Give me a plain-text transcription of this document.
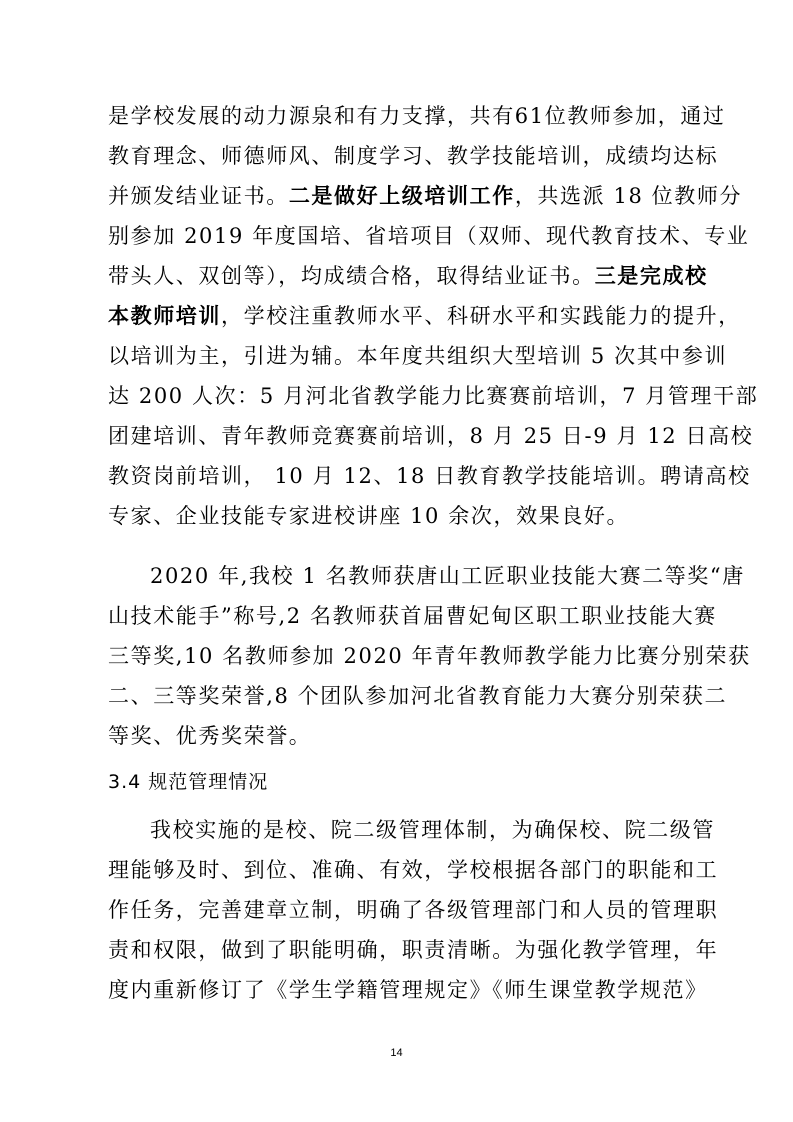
是学校发展的动力源泉和有力支撑，共有61位教师参加，通过
教育理念、师德师风、制度学习、教学技能培训，成绩均达标
并颁发结业证书。二是做好上级培训工作，共选派 18 位教师分
别参加 2019 年度国培、省培项目（双师、现代教育技术、专业
带头人、双创等），均成绩合格，取得结业证书。三是完成校
本教师培训，学校注重教师水平、科研水平和实践能力的提升，
以培训为主，引进为辅。本年度共组织大型培训 5 次其中参训
达 200 人次：5 月河北省教学能力比赛赛前培训，7 月管理干部
团建培训、青年教师竞赛赛前培训，8 月 25 日-9 月 12 日高校
教资岗前培训， 10 月 12、18 日教育教学技能培训。聘请高校
专家、企业技能专家进校讲座 10 余次，效果良好。
2020 年,我校 1 名教师获唐山工匠职业技能大赛二等奖“唐
山技术能手”称号,2 名教师获首届曹妃甸区职工职业技能大赛
三等奖,10 名教师参加 2020 年青年教师教学能力比赛分别荣获
二、三等奖荣誉,8 个团队参加河北省教育能力大赛分别荣获二
等奖、优秀奖荣誉。
3.4 规范管理情况
我校实施的是校、院二级管理体制，为确保校、院二级管
理能够及时、到位、准确、有效，学校根据各部门的职能和工
作任务，完善建章立制，明确了各级管理部门和人员的管理职
责和权限，做到了职能明确，职责清晰。为强化教学管理，年
度内重新修订了《学生学籍管理规定》《师生课堂教学规范》
14
